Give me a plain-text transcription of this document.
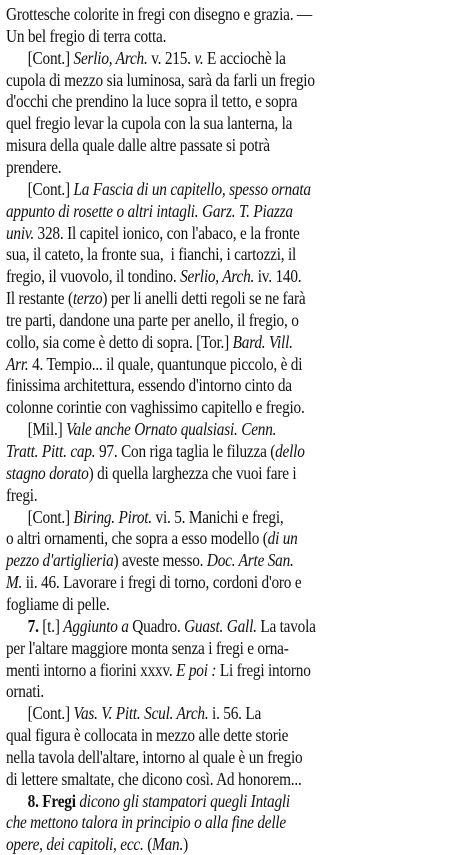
Grottesche colorite in fregi con disegno e grazia. —
Un bel fregio di terra cotta.
[Cont.] Serlio, Arch. v. 215. v. E acciochè la
cupola di mezzo sia luminosa, sarà da farli un fregio
d'occhi che prendino la luce sopra il tetto, e sopra
quel fregio levar la cupola con la sua lanterna, la
misura della quale dalle altre passate si potrà
prendere.
[Cont.] La Fascia di un capitello, spesso ornata
appunto di rosette o altri intagli. Garz. T. Piazza
univ. 328. Il capitel ionico, con l'abaco, e la fronte
sua, il cateto, la fronte sua,  i fianchi, i cartozzi, il
fregio, il vuovolo, il tondino. Serlio, Arch. iv. 140.
Il restante (terzo) per li anelli detti regoli se ne farà
tre parti, dandone una parte per anello, il fregio, o
collo, sia come è detto di sopra. [Tor.] Bard. Vill.
Arr. 4. Tempio... il quale, quantunque piccolo, è di
finissima architettura, essendo d'intorno cinto da
colonne corintie con vaghissimo capitello e fregio.
[Mil.] Vale anche Ornato qualsiasi. Cenn.
Tratt. Pitt. cap. 97. Con riga taglia le filuzza (dello
stagno dorato) di quella larghezza che vuoi fare i
fregi.
[Cont.] Biring. Pirot. vi. 5. Manichi e fregi,
o altri ornamenti, che sopra a esso modello (di un
pezzo d'artiglieria) aveste messo. Doc. Arte San.
M. ii. 46. Lavorare i fregi di torno, cordoni d'oro e
fogliame di pelle.
7. [t.] Aggiunto a Quadro. Guast. Gall. La tavola
per l'altare maggiore monta senza i fregi e orna-
menti intorno a fiorini xxxv. E poi : Li fregi intorno
ornati.
[Cont.] Vas. V. Pitt. Scul. Arch. i. 56. La
qual figura è collocata in mezzo alle dette storie
nella tavola dell'altare, intorno al quale è un fregio
di lettere smaltate, che dicono così. Ad honorem...
8. Fregi dicono gli stampatori quegli Intagli
che mettono talora in principio o alla fine delle
opere, dei capitoli, ecc. (Man.)
